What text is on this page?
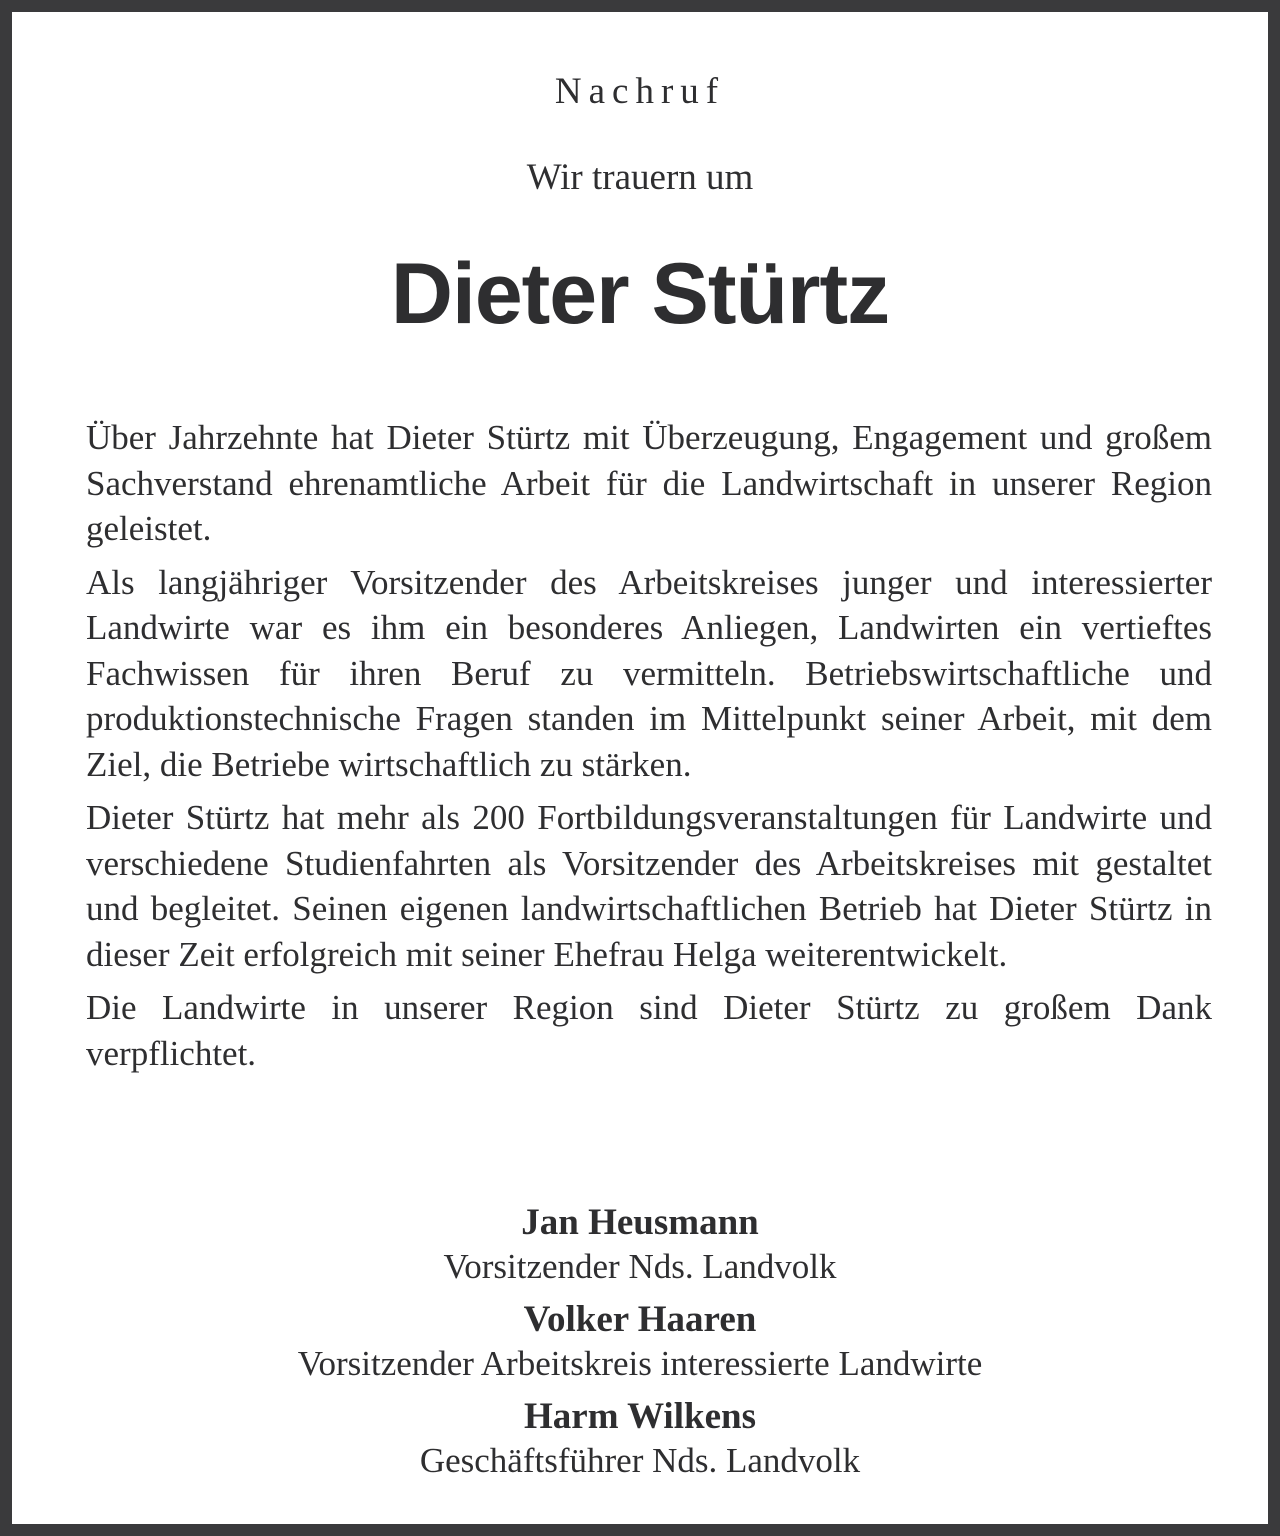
Nachruf
Wir trauern um
Dieter Stürtz

Über Jahrzehnte hat Dieter Stürtz mit Überzeugung, Engagement und großem Sachverstand ehrenamtliche Arbeit für die Landwirtschaft in unserer Region geleistet.

Als langjähriger Vorsitzender des Arbeitskreises junger und interessierter Landwirte war es ihm ein besonderes Anliegen, Landwirten ein vertieftes Fachwissen für ihren Beruf zu vermitteln. Betriebswirtschaftliche und produktionstechnische Fragen standen im Mittelpunkt seiner Arbeit, mit dem Ziel, die Betriebe wirtschaftlich zu stärken.

Dieter Stürtz hat mehr als 200 Fortbildungsveranstaltungen für Landwirte und verschiedene Studienfahrten als Vorsitzender des Arbeitskreises mit gestaltet und begleitet. Seinen eigenen landwirtschaftlichen Betrieb hat Dieter Stürtz in dieser Zeit erfolgreich mit seiner Ehefrau Helga weiterentwickelt.

Die Landwirte in unserer Region sind Dieter Stürtz zu großem Dank verpflichtet.

Jan Heusmann
Vorsitzender Nds. Landvolk
Volker Haaren
Vorsitzender Arbeitskreis interessierte Landwirte
Harm Wilkens
Geschäftsführer Nds. Landvolk
